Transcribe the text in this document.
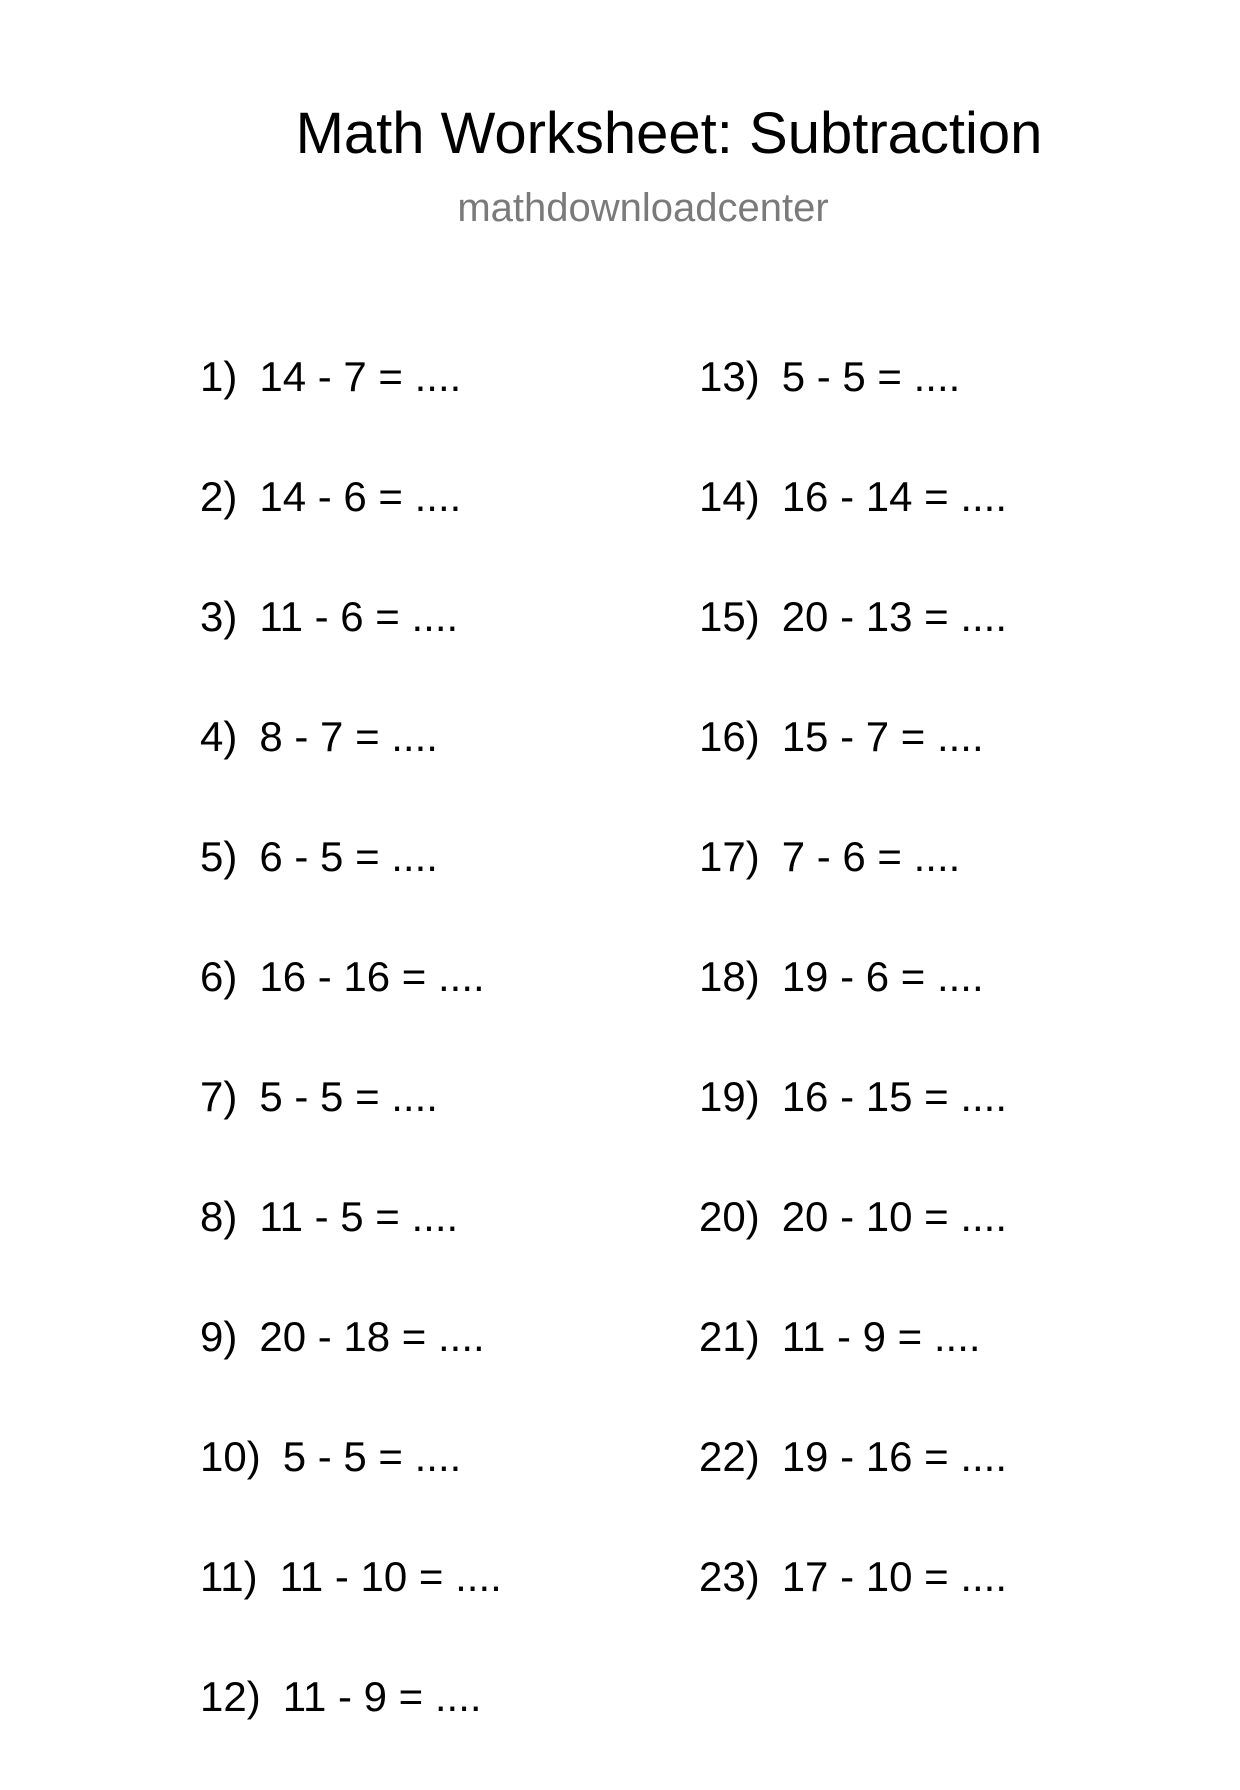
Math Worksheet: Subtraction
mathdownloadcenter
1) 14 - 7 = ....
2) 14 - 6 = ....
3) 11 - 6 = ....
4) 8 - 7 = ....
5) 6 - 5 = ....
6) 16 - 16 = ....
7) 5 - 5 = ....
8) 11 - 5 = ....
9) 20 - 18 = ....
10) 5 - 5 = ....
11) 11 - 10 = ....
12) 11 - 9 = ....
13) 5 - 5 = ....
14) 16 - 14 = ....
15) 20 - 13 = ....
16) 15 - 7 = ....
17) 7 - 6 = ....
18) 19 - 6 = ....
19) 16 - 15 = ....
20) 20 - 10 = ....
21) 11 - 9 = ....
22) 19 - 16 = ....
23) 17 - 10 = ....
